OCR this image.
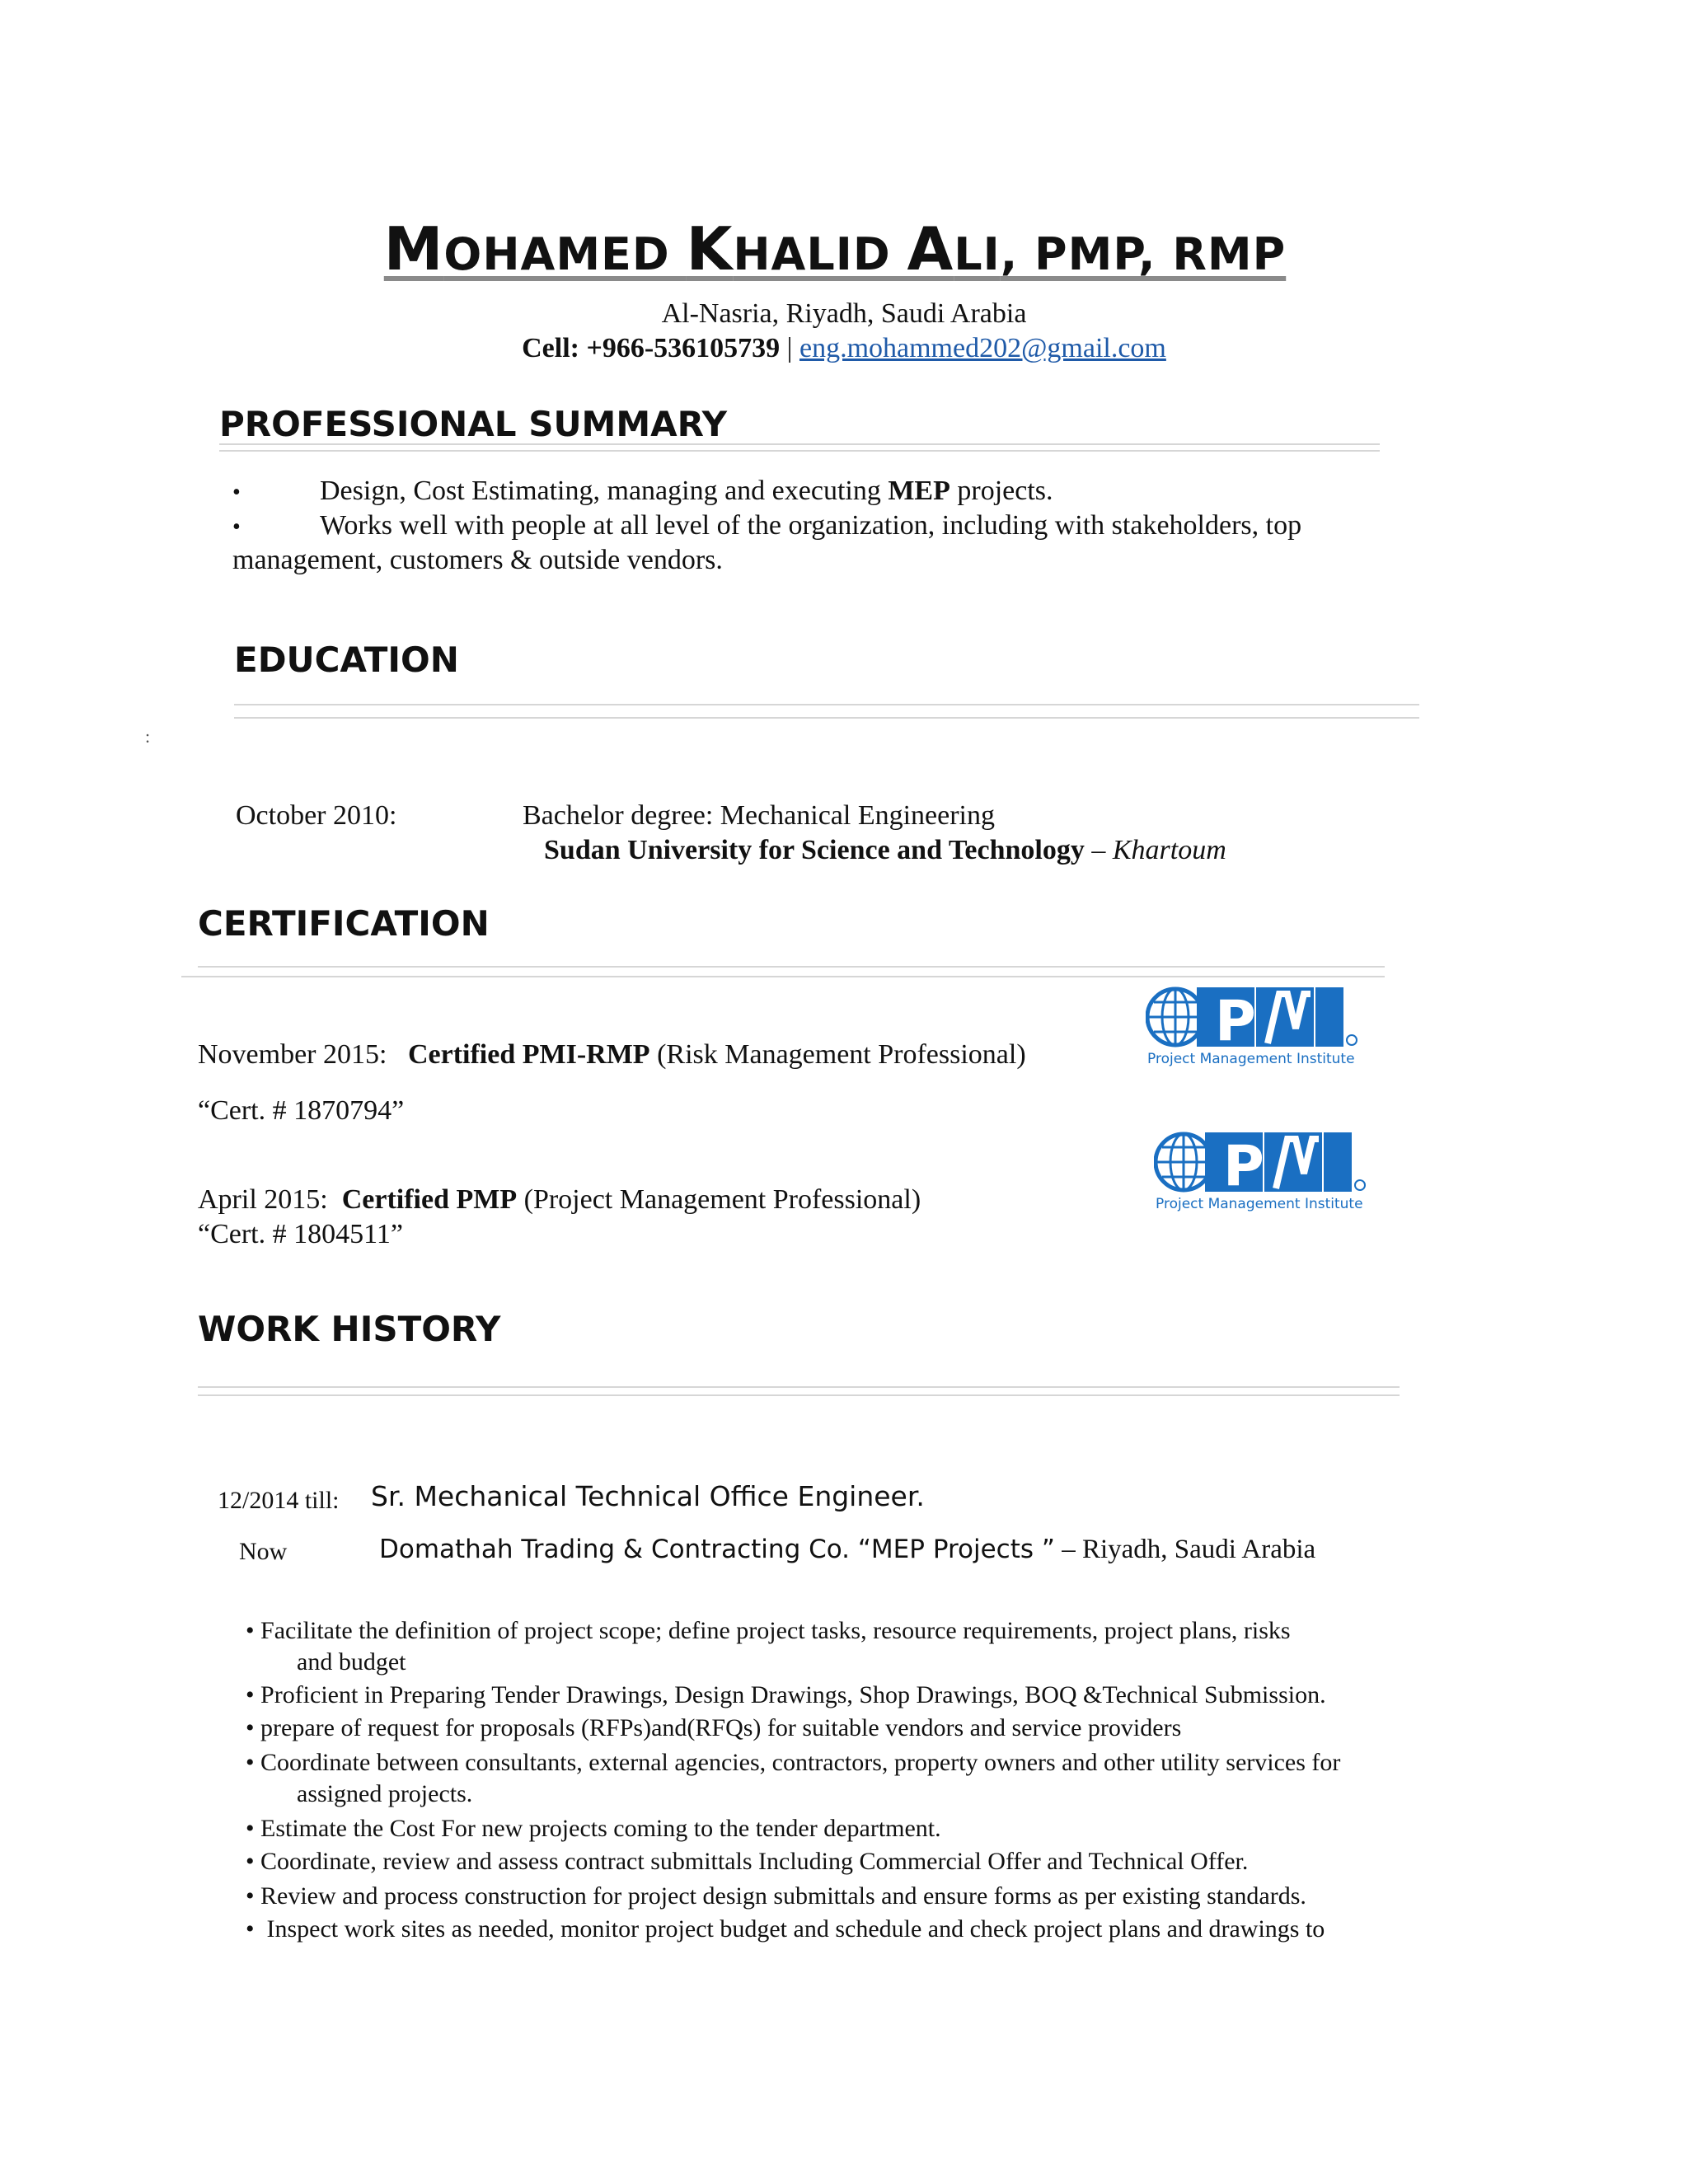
MOHAMED KHALID ALI, PMP, RMP
Al-Nasria, Riyadh, Saudi Arabia
Cell: +966-536105739 | eng.mohammed202@gmail.com
PROFESSIONAL SUMMARY
•	Design, Cost Estimating, managing and executing MEP projects.
•	Works well with people at all level of the organization, including with stakeholders, top
management, customers & outside vendors.
EDUCATION
:
October 2010:	Bachelor degree: Mechanical Engineering
Sudan University for Science and Technology – Khartoum
CERTIFICATION
November 2015: Certified PMI-RMP (Risk Management Professional)
“Cert. # 1870794”
April 2015: Certified PMP (Project Management Professional)
“Cert. # 1804511”
P
Project Management Institute
P
Project Management Institute
WORK HISTORY
12/2014 till: Sr. Mechanical Technical Office Engineer.
Now	Domathah Trading & Contracting Co. “MEP Projects ” – Riyadh, Saudi Arabia
• Facilitate the definition of project scope; define project tasks, resource requirements, project plans, risks
and budget
• Proficient in Preparing Tender Drawings, Design Drawings, Shop Drawings, BOQ &Technical Submission.
• prepare of request for proposals (RFPs)and(RFQs) for suitable vendors and service providers
• Coordinate between consultants, external agencies, contractors, property owners and other utility services for
assigned projects.
• Estimate the Cost For new projects coming to the tender department.
• Coordinate, review and assess contract submittals Including Commercial Offer and Technical Offer.
• Review and process construction for project design submittals and ensure forms as per existing standards.
• Inspect work sites as needed, monitor project budget and schedule and check project plans and drawings to
